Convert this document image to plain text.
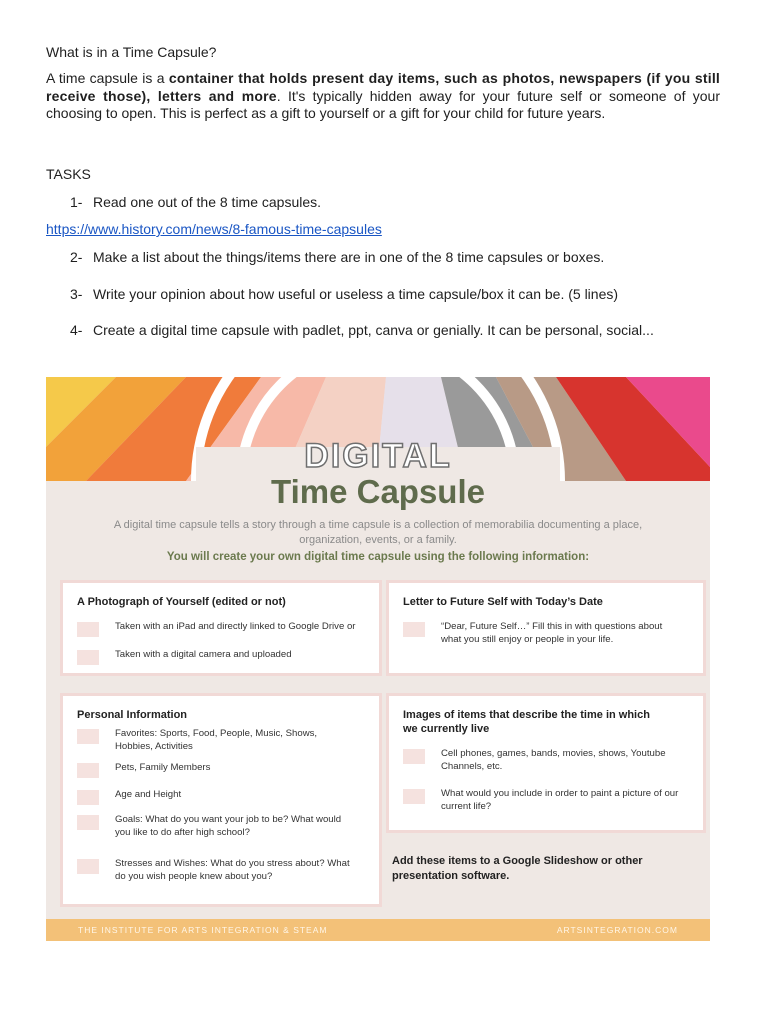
What is in a Time Capsule?
A time capsule is a container that holds present day items, such as photos, newspapers (if you still receive those), letters and more. It's typically hidden away for your future self or someone of your choosing to open. This is perfect as a gift to yourself or a gift for your child for future years.
TASKS
1- Read one out of the 8 time capsules.
https://www.history.com/news/8-famous-time-capsules
2- Make a list about the things/items there are in one of the 8 time capsules or boxes.
3- Write your opinion about how useful or useless a time capsule/box it can be. (5 lines)
4- Create a digital time capsule with padlet, ppt, canva or genially. It can be personal, social...
DIGITAL
Time Capsule
A digital time capsule tells a story through a time capsule is a collection of memorabilia documenting a place, organization, events, or a family.
You will create your own digital time capsule using the following information:
A Photograph of Yourself (edited or not)
Taken with an iPad and directly linked to Google Drive or
Taken with a digital camera and uploaded
Letter to Future Self with Today’s Date
“Dear, Future Self…” Fill this in with questions about what you still enjoy or people in your life.
Personal Information
Favorites: Sports, Food, People, Music, Shows, Hobbies, Activities
Pets, Family Members
Age and Height
Goals: What do you want your job to be? What would you like to do after high school?
Stresses and Wishes: What do you stress about? What do you wish people knew about you?
Images of items that describe the time in which we currently live
Cell phones, games, bands, movies, shows, Youtube Channels, etc.
What would you include in order to paint a picture of our current life?
Add these items to a Google Slideshow or other presentation software.
THE INSTITUTE FOR ARTS INTEGRATION & STEAM	ARTSINTEGRATION.COM
